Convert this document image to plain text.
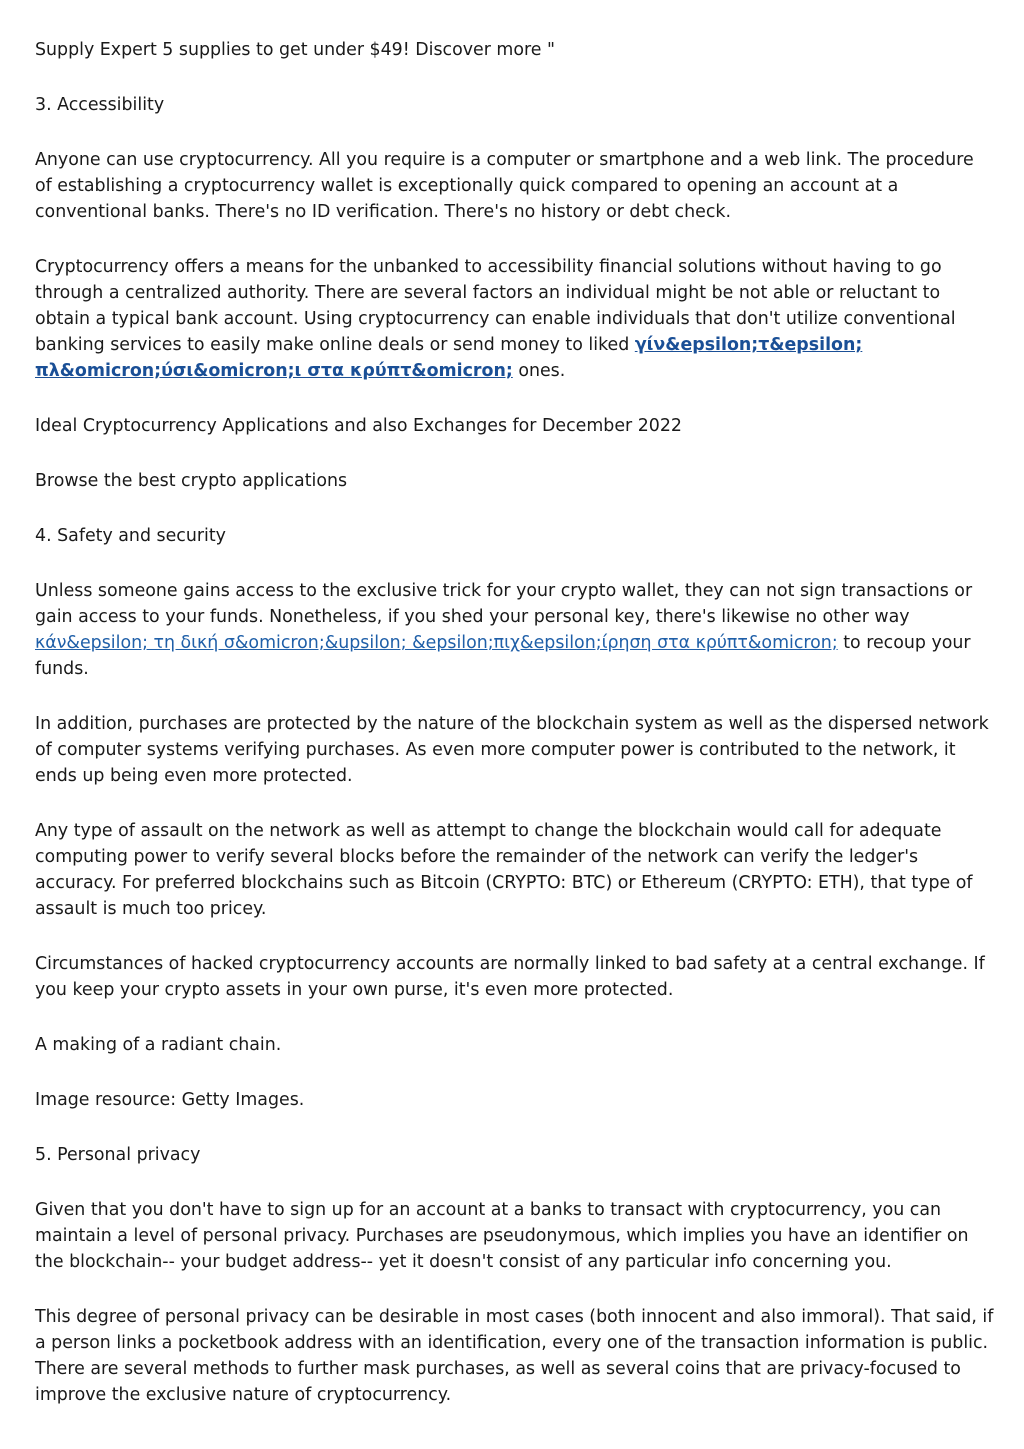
Supply Expert 5 supplies to get under $49! Discover more "

3. Accessibility

Anyone can use cryptocurrency. All you require is a computer or smartphone and a web link. The procedure of establishing a cryptocurrency wallet is exceptionally quick compared to opening an account at a conventional banks. There's no ID verification. There's no history or debt check.

Cryptocurrency offers a means for the unbanked to accessibility financial solutions without having to go through a centralized authority. There are several factors an individual might be not able or reluctant to obtain a typical bank account. Using cryptocurrency can enable individuals that don't utilize conventional banking services to easily make online deals or send money to liked γίν&epsilon;τ&epsilon; πλ&omicron;ύσι&omicron;ι στα κρύπτ&omicron; ones.

Ideal Cryptocurrency Applications and also Exchanges for December 2022

Browse the best crypto applications

4. Safety and security

Unless someone gains access to the exclusive trick for your crypto wallet, they can not sign transactions or gain access to your funds. Nonetheless, if you shed your personal key, there's likewise no other way κάν&epsilon; τη δική σ&omicron;&upsilon; &epsilon;πιχ&epsilon;ίρηση στα κρύπτ&omicron; to recoup your funds.

In addition, purchases are protected by the nature of the blockchain system as well as the dispersed network of computer systems verifying purchases. As even more computer power is contributed to the network, it ends up being even more protected.

Any type of assault on the network as well as attempt to change the blockchain would call for adequate computing power to verify several blocks before the remainder of the network can verify the ledger's accuracy. For preferred blockchains such as Bitcoin (CRYPTO: BTC) or Ethereum (CRYPTO: ETH), that type of assault is much too pricey.

Circumstances of hacked cryptocurrency accounts are normally linked to bad safety at a central exchange. If you keep your crypto assets in your own purse, it's even more protected.

A making of a radiant chain.

Image resource: Getty Images.

5. Personal privacy

Given that you don't have to sign up for an account at a banks to transact with cryptocurrency, you can maintain a level of personal privacy. Purchases are pseudonymous, which implies you have an identifier on the blockchain-- your budget address-- yet it doesn't consist of any particular info concerning you.

This degree of personal privacy can be desirable in most cases (both innocent and also immoral). That said, if a person links a pocketbook address with an identification, every one of the transaction information is public. There are several methods to further mask purchases, as well as several coins that are privacy-focused to improve the exclusive nature of cryptocurrency.
